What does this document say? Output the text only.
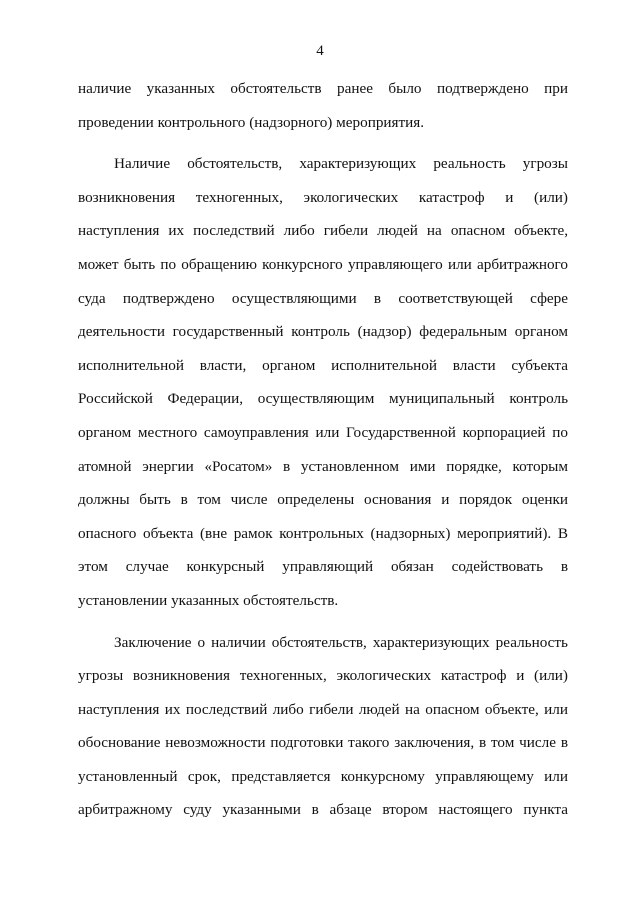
4
наличие указанных обстоятельств ранее было подтверждено при
проведении контрольного (надзорного) мероприятия.
Наличие обстоятельств, характеризующих реальность угрозы
возникновения техногенных, экологических катастроф и (или)
наступления их последствий либо гибели людей на опасном объекте,
может быть по обращению конкурсного управляющего или арбитражного
суда подтверждено осуществляющими в соответствующей сфере
деятельности государственный контроль (надзор) федеральным органом
исполнительной власти, органом исполнительной власти субъекта
Российской Федерации, осуществляющим муниципальный контроль
органом местного самоуправления или Государственной корпорацией по
атомной энергии «Росатом» в установленном ими порядке, которым
должны быть в том числе определены основания и порядок оценки
опасного объекта (вне рамок контрольных (надзорных) мероприятий). В
этом случае конкурсный управляющий обязан содействовать в
установлении указанных обстоятельств.
Заключение о наличии обстоятельств, характеризующих реальность
угрозы возникновения техногенных, экологических катастроф и (или)
наступления их последствий либо гибели людей на опасном объекте, или
обоснование невозможности подготовки такого заключения, в том числе в
установленный срок, представляется конкурсному управляющему или
арбитражному суду указанными в абзаце втором настоящего пункта
